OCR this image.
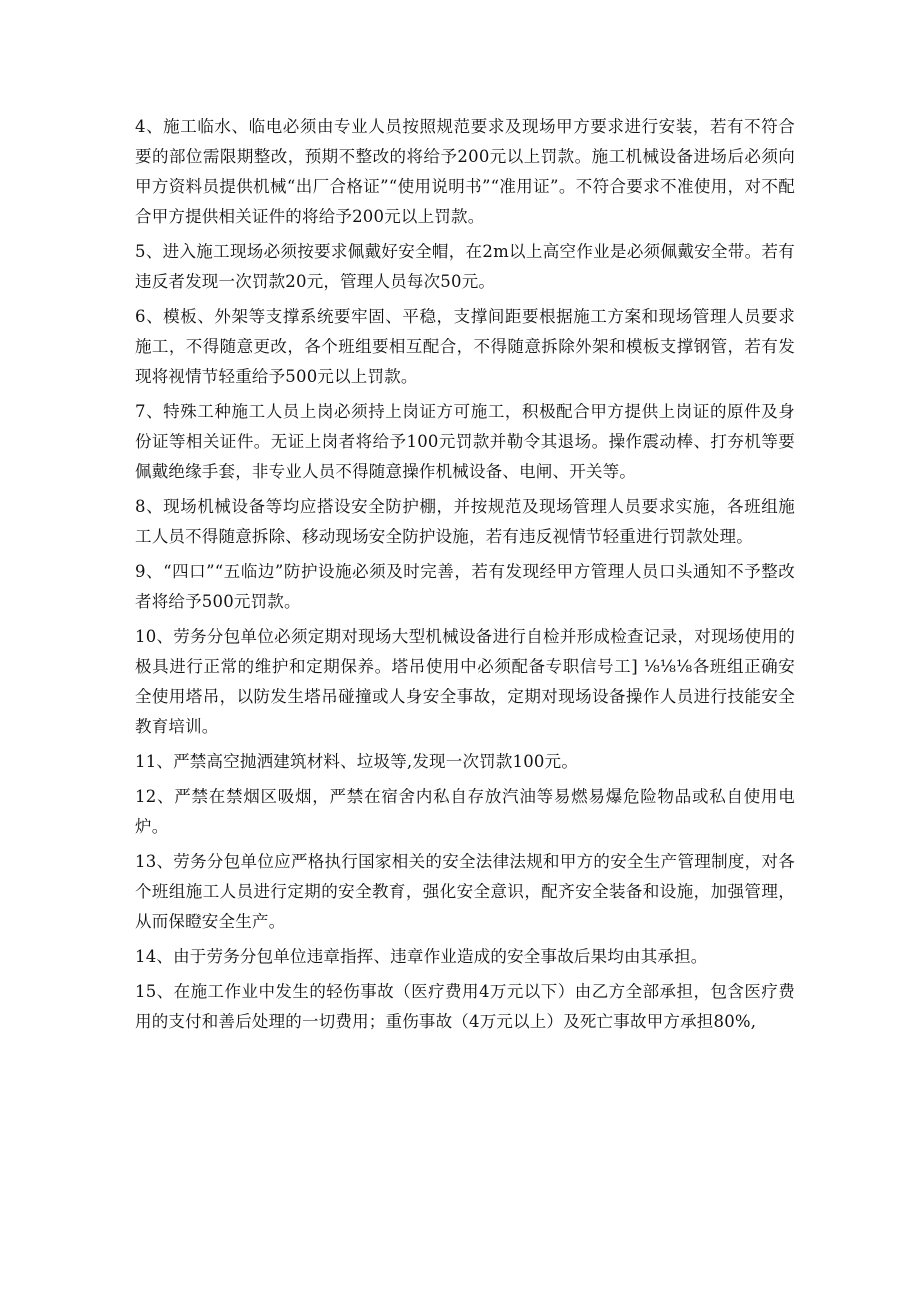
4、施工临水、临电必须由专业人员按照规范要求及现场甲方要求进行安装，若有不符合要的部位需限期整改，预期不整改的将给予200元以上罚款。施工机械设备进场后必须向甲方资料员提供机械“出厂合格证”“使用说明书”“准用证”。不符合要求不准使用，对不配合甲方提供相关证件的将给予200元以上罚款。

5、进入施工现场必须按要求佩戴好安全帽，在2m以上高空作业是必须佩戴安全带。若有违反者发现一次罚款20元，管理人员每次50元。

6、模板、外架等支撑系统要牢固、平稳，支撑间距要根据施工方案和现场管理人员要求施工，不得随意更改，各个班组要相互配合，不得随意拆除外架和模板支撑钢管，若有发现将视情节轻重给予500元以上罚款。

7、特殊工种施工人员上岗必须持上岗证方可施工，积极配合甲方提供上岗证的原件及身份证等相关证件。无证上岗者将给予100元罚款并勒令其退场。操作震动棒、打夯机等要佩戴绝缘手套，非专业人员不得随意操作机械设备、电闸、开关等。

8、现场机械设备等均应搭设安全防护棚，并按规范及现场管理人员要求实施，各班组施工人员不得随意拆除、移动现场安全防护设施，若有违反视情节轻重进行罚款处理。

9、“四口”“五临边”防护设施必须及时完善，若有发现经甲方管理人员口头通知不予整改者将给予500元罚款。

10、劳务分包单位必须定期对现场大型机械设备进行自检并形成检查记录，对现场使用的极具进行正常的维护和定期保养。塔吊使用中必须配备专职信号工] ⅛⅛⅛各班组正确安全使用塔吊，以防发生塔吊碰撞或人身安全事故，定期对现场设备操作人员进行技能安全教育培训。

11、严禁高空抛洒建筑材料、垃圾等,发现一次罚款100元。

12、严禁在禁烟区吸烟，严禁在宿舍内私自存放汽油等易燃易爆危险物品或私自使用电炉。

13、劳务分包单位应严格执行国家相关的安全法律法规和甲方的安全生产管理制度，对各个班组施工人员进行定期的安全教育，强化安全意识，配齐安全装备和设施，加强管理，从而保瞪安全生产。

14、由于劳务分包单位违章指挥、违章作业造成的安全事故后果均由其承担。

15、在施工作业中发生的轻伤事故（医疗费用4万元以下）由乙方全部承担，包含医疗费用的支付和善后处理的一切费用；重伤事故（4万元以上）及死亡事故甲方承担80%,
